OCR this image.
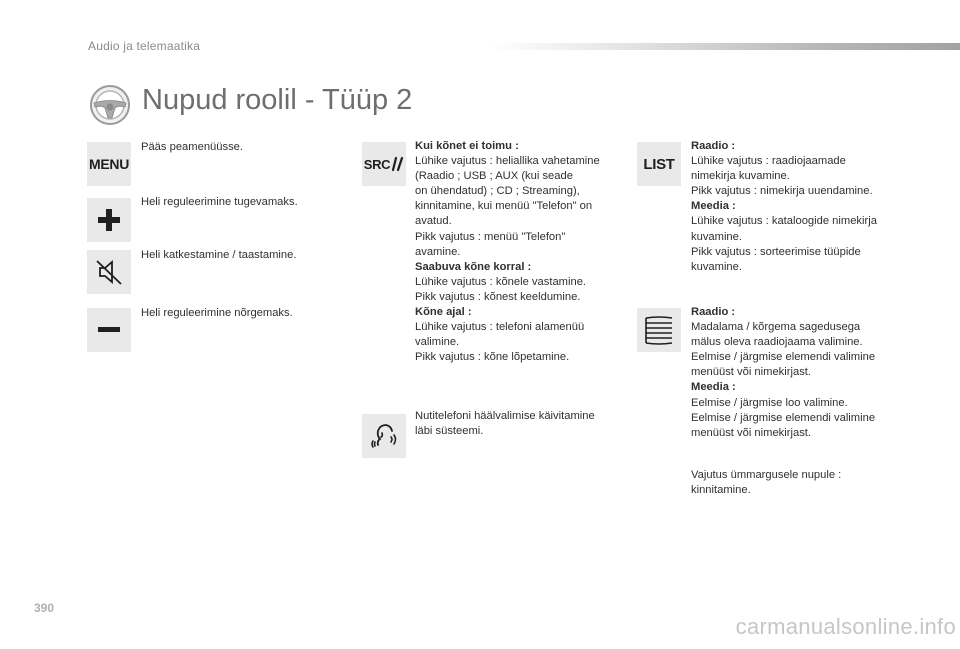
Audio ja telemaatika
Nupud roolil - Tüüp 2
MENU
Pääs peamenüüsse.
Heli reguleerimine tugevamaks.
Heli katkestamine / taastamine.
Heli reguleerimine nõrgemaks.
SRC
Kui kõnet ei toimu :
Lühike vajutus : heliallika vahetamine
(Raadio ; USB ; AUX (kui seade
on ühendatud) ; CD ; Streaming),
kinnitamine, kui menüü "Telefon" on
avatud.
Pikk vajutus : menüü "Telefon"
avamine.
Saabuva kõne korral :
Lühike vajutus : kõnele vastamine.
Pikk vajutus : kõnest keeldumine.
Kõne ajal :
Lühike vajutus : telefoni alamenüü
valimine.
Pikk vajutus : kõne lõpetamine.
Nutitelefoni häälvalimise käivitamine
läbi süsteemi.
LIST
Raadio :
Lühike vajutus : raadiojaamade
nimekirja kuvamine.
Pikk vajutus : nimekirja uuendamine.
Meedia :
Lühike vajutus : kataloogide nimekirja
kuvamine.
Pikk vajutus : sorteerimise tüüpide
kuvamine.
Raadio :
Madalama / kõrgema sagedusega
mälus oleva raadiojaama valimine.
Eelmise / järgmise elemendi valimine
menüüst või nimekirjast.
Meedia :
Eelmise / järgmise loo valimine.
Eelmise / järgmise elemendi valimine
menüüst või nimekirjast.
Vajutus ümmargusele nupule :
kinnitamine.
390
carmanualsonline.info
